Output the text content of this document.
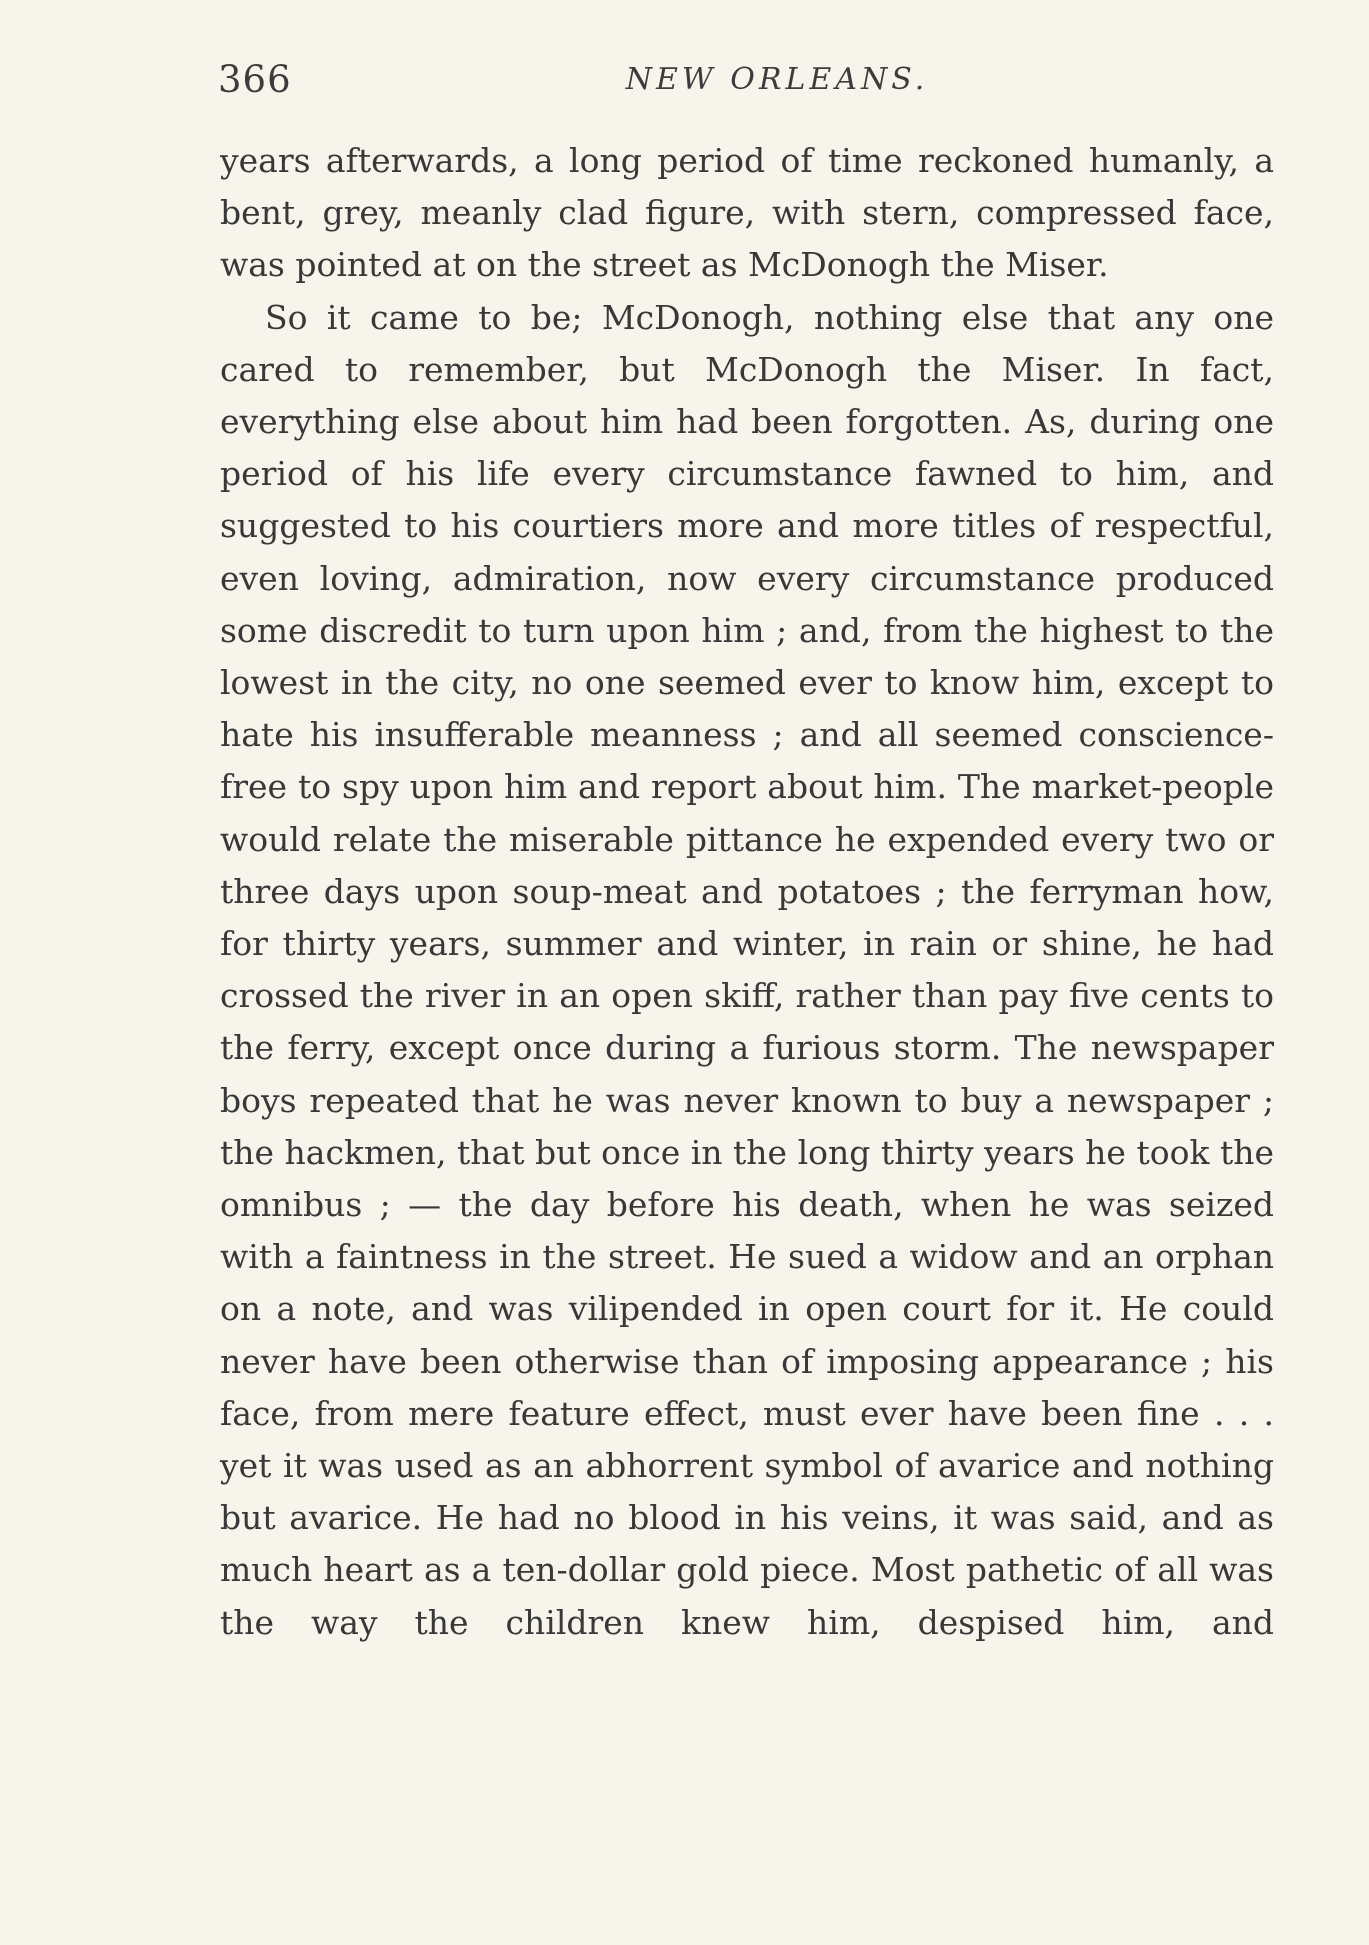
366	NEW ORLEANS.

years afterwards, a long period of time reckoned humanly, a bent, grey, meanly clad figure, with stern, compressed face, was pointed at on the street as McDonogh the Miser.

So it came to be; McDonogh, nothing else that any one cared to remember, but McDonogh the Miser. In fact, everything else about him had been forgotten. As, during one period of his life every circumstance fawned to him, and suggested to his courtiers more and more titles of respectful, even loving, admiration, now every circumstance produced some discredit to turn upon him ; and, from the highest to the lowest in the city, no one seemed ever to know him, except to hate his insufferable meanness ; and all seemed conscience-free to spy upon him and report about him. The market-people would relate the miserable pittance he expended every two or three days upon soup-meat and potatoes ; the ferryman how, for thirty years, summer and winter, in rain or shine, he had crossed the river in an open skiff, rather than pay five cents to the ferry, except once during a furious storm. The newspaper boys repeated that he was never known to buy a newspaper ; the hackmen, that but once in the long thirty years he took the omnibus ; — the day before his death, when he was seized with a faintness in the street. He sued a widow and an orphan on a note, and was vilipended in open court for it. He could never have been otherwise than of imposing appearance ; his face, from mere feature effect, must ever have been fine . . . yet it was used as an abhorrent symbol of avarice and nothing but avarice. He had no blood in his veins, it was said, and as much heart as a ten-dollar gold piece. Most pathetic of all was the way the children knew him, despised him, and
